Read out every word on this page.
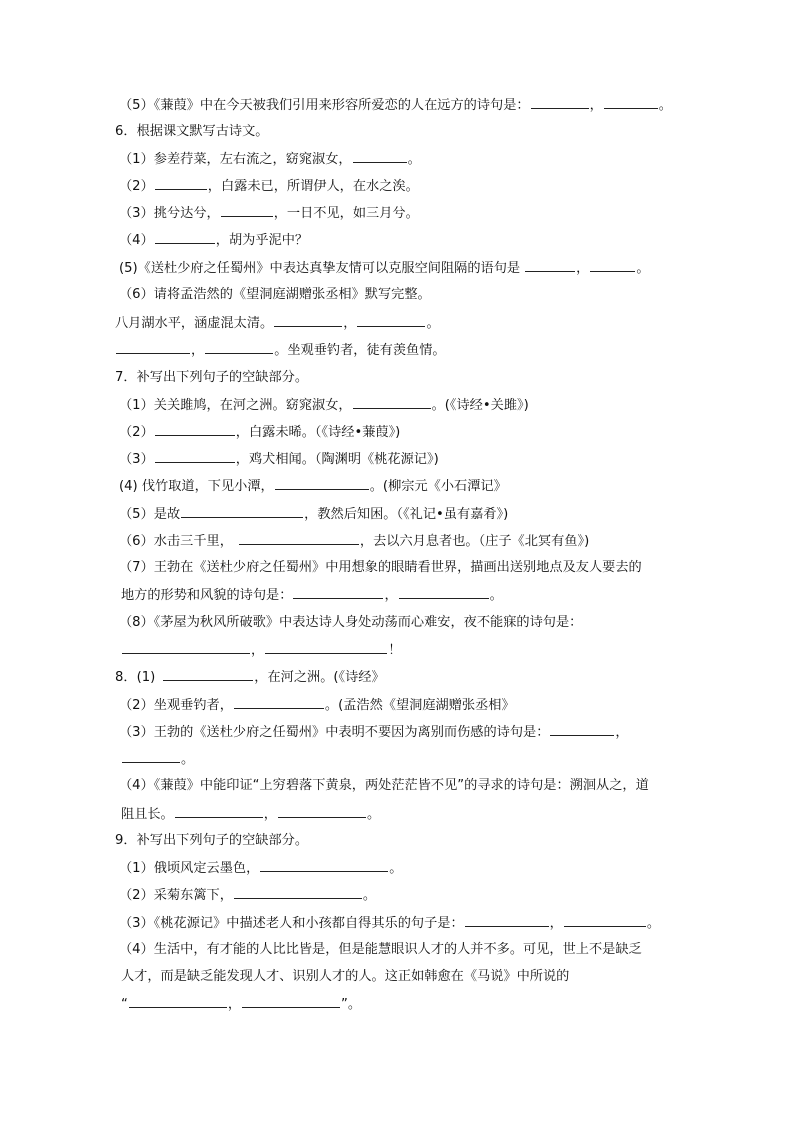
（5）《蒹葭》中在今天被我们引用来形容所爱恋的人在远方的诗句是：	，	。
6．根据课文默写古诗文。
（1）参差荇菜，左右流之，窈窕淑女，	。
（2）	，白露未已，所谓伊人，在水之涘。
（3）挑兮达兮，	，一日不见，如三月兮。
（4）	，胡为乎泥中？
(5)《送杜少府之任蜀州》中表达真挚友情可以克服空间阻隔的语句是	，	。
（6）请将孟浩然的《望洞庭湖赠张丞相》默写完整。
八月湖水平，涵虚混太清。	，	。
，	。坐观垂钓者，徒有羡鱼情。
7．补写出下列句子的空缺部分。
（1）关关雎鸠，在河之洲。窈窕淑女，	。(《诗经•关雎》)
（2）	，白露未晞。（《诗经•蒹葭》)
（3）	，鸡犬相闻。（陶渊明《桃花源记》)
(4) 伐竹取道，下见小潭，	。(柳宗元《小石潭记》
（5）是故	，教然后知困。（《礼记•虽有嘉肴》)
（6）水击三千里，	，去以六月息者也。（庄子《北冥有鱼》)
（7）王勃在《送杜少府之任蜀州》中用想象的眼睛看世界，描画出送别地点及友人要去的
地方的形势和风貌的诗句是：	，	。
（8）《茅屋为秋风所破歌》中表达诗人身处动荡而心难安，夜不能寐的诗句是：
，	！
8．(1)	，在河之洲。(《诗经》
（2）坐观垂钓者，	。(孟浩然《望洞庭湖赠张丞相》
（3）王勃的《送杜少府之任蜀州》中表明不要因为离别而伤感的诗句是：	，
。
（4）《蒹葭》中能印证“上穷碧落下黄泉，两处茫茫皆不见”的寻求的诗句是：溯洄从之，道
阻且长。	，	。
9．补写出下列句子的空缺部分。
（1）俄顷风定云墨色，	。
（2）采菊东篱下，	。
（3）《桃花源记》中描述老人和小孩都自得其乐的句子是：	，	。
（4）生活中，有才能的人比比皆是，但是能慧眼识人才的人并不多。可见，世上不是缺乏
人才，而是缺乏能发现人才、识别人才的人。这正如韩愈在《马说》中所说的
“	，	”。
